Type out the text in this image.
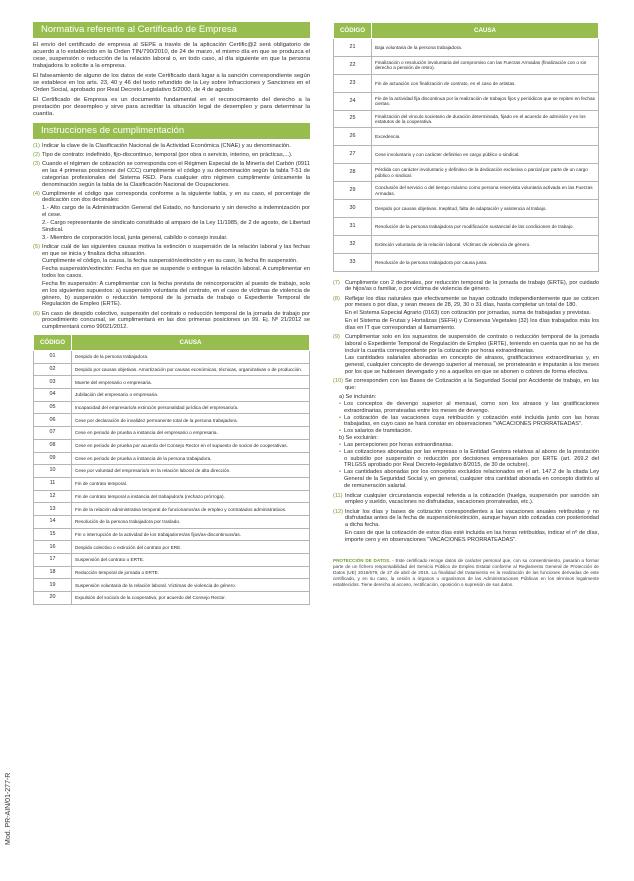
Normativa referente al Certificado de Empresa

El envío del certificado de empresa al SEPE a través de la aplicación Certific@2 será obligatorio de acuerdo a lo establecido en la Orden TIN/790/2010, de 24 de marzo, el mismo día en que se produzca el cese, suspensión o reducción de la relación laboral o, en todo caso, al día siguiente en que la persona trabajadora lo solicite a la empresa.

El falseamiento de alguno de los datos de este Certificado dará lugar a la sanción correspondiente según se establece en los arts. 23, 40 y 46 del texto refundido de la Ley sobre Infracciones y Sanciones en el Orden Social, aprobado por Real Decreto Legislativo 5/2000, de 4 de agosto.

El Certificado de Empresa es un documento fundamental en el reconocimiento del derecho a la prestación por desempleo y sirve para acreditar la situación legal de desempleo y para determinar la cuantía.

Instrucciones de cumplimentación
(1) Indicar la clave de la Clasificación Nacional de la Actividad Económica (CNAE) y su denominación.
(2) Tipo de contrato: indefinido, fijo-discontinuo, temporal (por obra o servicio, interino, en prácticas,...).
(3) Cuando el régimen de cotización se corresponda con el Régimen Especial de la Minería del Carbón (0911 en las 4 primeras posiciones del CCC) cumplimente el código y su denominación según la tabla T-51 de categorías profesionales del Sistema RED. Para cualquier otro régimen cumplimente únicamente la denominación según la tabla de la Clasificación Nacional de Ocupaciones.
(4) Cumplimente el código que corresponda conforme a la siguiente tabla, y en su caso, el porcentaje de dedicación con dos decimales:
1.- Alto cargo de la Administración General del Estado, no funcionario y sin derecho a indemnización por el cese.
2.- Cargo representante de sindicato constituido al amparo de la Ley 11/1985, de 2 de agosto, de Libertad Sindical.
3.- Miembro de corporación local, junta general, cabildo o consejo insular.
(5) Indicar cuál de las siguientes causas motiva la extinción o suspensión de la relación laboral y las fechas en que se inicia y finaliza dicha situación.
Cumplimente el código, la causa, la fecha suspensión/extinción y en su caso, la fecha fin suspensión.
Fecha suspensión/extinción: Fecha en que se suspende o extingue la relación laboral. A cumplimentar en todos los casos.
Fecha fin suspensión: A cumplimentar con la fecha prevista de reincorporación al puesto de trabajo, solo en los siguientes supuestos: a) suspensión voluntaria del contrato, en el caso de víctimas de violencia de género, b) suspensión o reducción temporal de la jornada de trabajo o Expediente Temporal de Regulación de Empleo (ERTE).
(6) En caso de despido colectivo, suspensión del contrato o reducción temporal de la jornada de trabajo por procedimiento concursal, se cumplimentará en las dos primeras posiciones un 99. Ej. Nº 21/2012 se cumplimentará como 99021/2012.
CÓDIGO	CAUSA
01	Despido de la persona trabajadora.
02	Despido por causas objetivas. Amortización por causas económicas, técnicas, organizativas o de producción.
03	Muerte del empresario o empresaria.
04	Jubilación del empresario o empresaria.
05	Incapacidad del empresario/a extinción personalidad jurídica del empresario/a.
06	Cese por declaración de invalidez permanente total de la persona trabajadora.
07	Cese en periodo de prueba a instancia del empresario o empresaria.
08	Cese en periodo de prueba por acuerdo del Consejo Rector en el supuesto de socios de cooperativas.
09	Cese en periodo de prueba a instancia de la persona trabajadora.
10	Cese por voluntad del empresario/a en la relación laboral de alta dirección.
11	Fin de contrato temporal.
12	Fin de contrato temporal a instancia del trabajador/a (rechazo prórroga).
13	Fin de la relación administrativa temporal de funcionarios/as de empleo y contratados administrativos.
14	Resolución de la persona trabajadora por traslado.
15	Fin o interrupción de la actividad de los trabajadores/as fijos/as-discontinuos/as.
16	Despido colectivo o extinción del contrato por ERE.
17	Suspensión del contrato o ERTE.
18	Reducción temporal de jornada o ERTE.
19	Suspensión voluntaria de la relación laboral. Víctimas de violencia de género.
20	Expulsión del socio/a de la cooperativa, por acuerdo del Consejo Rector.
CÓDIGO	CAUSA
21	Baja voluntaria de la persona trabajadora.
22	Finalización o resolución involuntaria del compromiso con las Fuerzas Armadas (finalización con o sin derecho a pensión de retiro).
23	Fin de actuación con finalización de contrato, en el caso de artistas.
24	Fin de la actividad fija discontinua por la realización de trabajos fijos y periódicos que se repiten en fechas ciertas.
25	Finalización del vínculo societario de duración determinada, fijado en el acuerdo de admisión y en los estatutos de la cooperativa.
26	Excedencia.
27	Cese involuntario y con carácter definitivo en cargo público o sindical.
28	Pérdida con carácter involuntario y definitivo de la dedicación exclusiva o parcial por parte de un cargo público o sindical.
29	Conclusión del servicio o del tiempo máximo como persona reservista voluntaria activada en las Fuerzas Armadas.
30	Despido por causas objetivas. Ineptitud, falta de adaptación y asistencia al trabajo.
31	Resolución de la persona trabajadora por modificación sustancial de las condiciones de trabajo.
32	Extinción voluntaria de la relación laboral. Víctimas de violencia de género.
33	Resolución de la persona trabajadora por causa justa.
(7) Cumplimente con 2 decimales, por reducción temporal de la jornada de trabajo (ERTE), por cuidado de hijos/as o familiar, o por víctima de violencia de género.
(8) Reflejar los días naturales que efectivamente se hayan cotizado independientemente que se coticen por meses o por días, y sean meses de 28, 29, 30 o 31 días, hasta completar un total de 180.
En el Sistema Especial Agrario (0163) con cotización por jornadas, suma de trabajadas y previstas.
En el Sistema de Frutas y Hortalizas (SEFH) y Conservas Vegetales (32) los días trabajados más los días en IT que correspondan al llamamiento.
(9) Cumplimentar solo en los supuestos de suspensión de contrato o reducción temporal de la jornada laboral o Expediente Temporal de Regulación de Empleo (ERTE), teniendo en cuenta que no se ha de incluir la cuantía correspondiente por la cotización por horas extraordinarias.
Las cantidades salariales abonadas en concepto de atrasos, gratificaciones extraordinarias y, en general, cualquier concepto de devengo superior al mensual, se prorratearán e imputarán a los meses por los que se hubiesen devengado y no a aquellos en que se abonen o cobren de forma efectiva.
(10) Se corresponden con las Bases de Cotización a la Seguridad Social por Accidente de trabajo, en las que:
a) Se incluirán:
• Los conceptos de devengo superior al mensual, como son los atrasos y las gratificaciones extraordinarias, prorrateadas entre los meses de devengo.
• La cotización de las vacaciones cuya retribución y cotización esté incluida junto con las horas trabajadas, en cuyo caso se hará constar en observaciones "VACACIONES PRORRATEADAS".
• Los salarios de tramitación.
b) Se excluirán:
• Las percepciones por horas extraordinarias.
• Las cotizaciones abonadas por las empresas o la Entidad Gestora relativas al abono de la prestación o subsidio por suspensión o reducción por decisiones empresariales por ERTE (art. 269.2 del TRLGSS aprobado por Real Decreto-legislativo 8/2015, de 30 de octubre).
• Las cantidades abonadas por los conceptos excluidos relacionados en el art. 147.2 de la citada Ley General de la Seguridad Social y, en general, cualquier otra cantidad abonada en concepto distinto al de remuneración salarial.
(11) Indicar cualquier circunstancia especial referida a la cotización (huelga, suspensión por sanción sin empleo y sueldo, vacaciones no disfrutadas, vacaciones prorrateadas, etc.).
(12) Incluir los días y bases de cotización correspondientes a las vacaciones anuales retribuidas y no disfrutadas antes de la fecha de suspensión/extinción, aunque hayan sido cotizadas con posterioridad a dicha fecha.
En caso de que la cotización de estos días esté incluida en las horas retribuidas, indicar el nº de días, importe cero y en observaciones "VACACIONES PRORRATEADAS".

PROTECCIÓN DE DATOS. - Este certificado recoge datos de carácter personal que, con su consentimiento, pasarán a formar parte de un fichero responsabilidad del Servicio Público de Empleo Estatal conforme al Reglamento General de Protección de Datos (UE) 2016/679, de 27 de abril de 2016. La finalidad del tratamiento es la realización de las funciones derivadas de este certificado, y en su caso, la cesión a órganos u organismos de las Administraciones Públicas en los términos legalmente establecidos. Tiene derecho al acceso, rectificación, oposición o supresión de sus datos.

Mod. PR-AIN/01-277-R
